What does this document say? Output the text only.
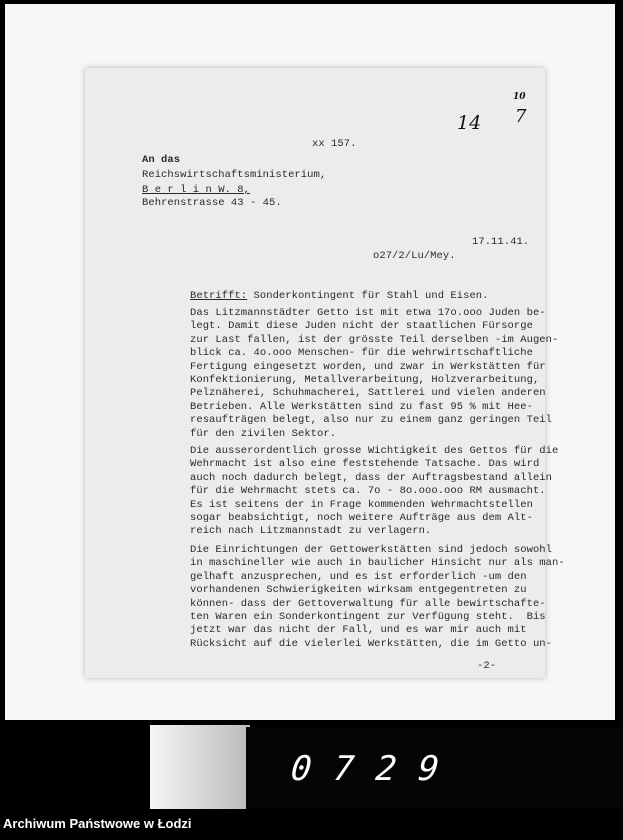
xx 157.
14
10
7
An das
Reichswirtschaftsministerium,
B e r l i n W. 8,
Behrenstrasse 43 - 45.
17.11.41.
o27/2/Lu/Mey.
Betrifft: Sonderkontingent für Stahl und Eisen.
Das Litzmannstädter Getto ist mit etwa 17o.ooo Juden be-
legt. Damit diese Juden nicht der staatlichen Fürsorge
zur Last fallen, ist der grösste Teil derselben -im Augen-
blick ca. 4o.ooo Menschen- für die wehrwirtschaftliche
Fertigung eingesetzt worden, und zwar in Werkstätten für
Konfektionierung, Metallverarbeitung, Holzverarbeitung,
Pelznäherei, Schuhmacherei, Sattlerei und vielen anderen
Betrieben. Alle Werkstätten sind zu fast 95 % mit Hee-
resaufträgen belegt, also nur zu einem ganz geringen Teil
für den zivilen Sektor.
Die ausserordentlich grosse Wichtigkeit des Gettos für die
Wehrmacht ist also eine feststehende Tatsache. Das wird
auch noch dadurch belegt, dass der Auftragsbestand allein
für die Wehrmacht stets ca. 7o - 8o.ooo.ooo RM ausmacht.
Es ist seitens der in Frage kommenden Wehrmachtstellen
sogar beabsichtigt, noch weitere Aufträge aus dem Alt-
reich nach Litzmannstadt zu verlagern.
Die Einrichtungen der Gettowerkstätten sind jedoch sowohl
in maschineller wie auch in baulicher Hinsicht nur als man-
gelhaft anzusprechen, und es ist erforderlich -um den
vorhandenen Schwierigkeiten wirksam entgegentreten zu
können- dass der Gettoverwaltung für alle bewirtschafte-
ten Waren ein Sonderkontingent zur Verfügung steht.  Bis
jetzt war das nicht der Fall, und es war mir auch mit
Rücksicht auf die vielerlei Werkstätten, die im Getto un-
-2-
0729
Archiwum Państwowe w Łodzi
